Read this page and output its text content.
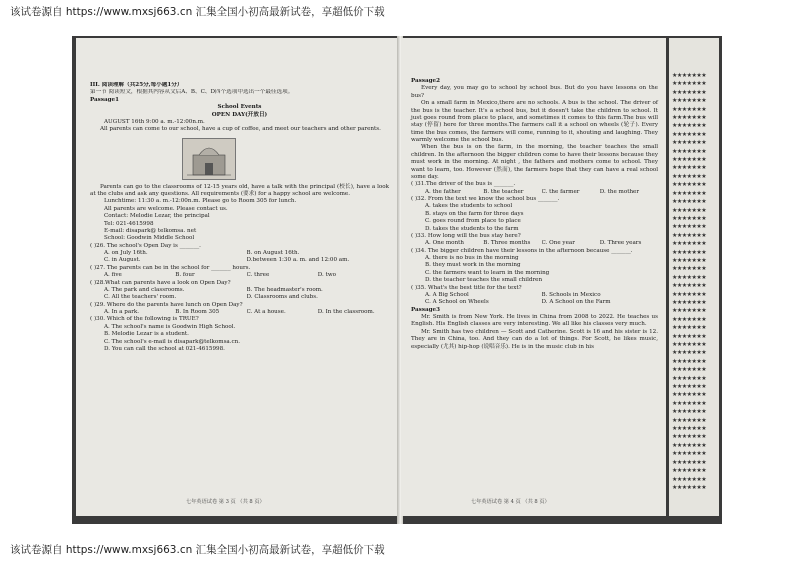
该试卷源自 https://www.mxsj663.cn 汇集全国小初高最新试卷，享超低价下载
III. 阅读理解（共25分,每小题1分）
第一节 阅读短文，根据其内容从文后A、B、C、D四个选项中选出一个最佳选项。
Passage1
School Events
OPEN DAY(开放日)
AUGUST 16th 9:00 a. m.-12:00n.m.

All parents can come to our school, have a cup of coffee, and meet our teachers and other parents.

Parents can go to the classrooms of 12-15 years old, have a talk with the principal (校长), have a look at the clubs and ask any questions. All requirements (要求) for a happy school are welcome.

Lunchtime: 11:30 a. m.-12:00n.m. Please go to Room 305 for lunch.
All parents are welcome. Please contact us.
Contact: Melodie Lezar, the principal
Tel: 021-4615998
E-mail: disapark@ telkomsa. net
School: Goodwin Middle School
( )26. The school's Open Day is _______.
A. on July 16th.	B. on August 16th.
C. in August.	D.between 1:30 a. m. and 12:00 am.
( )27. The parents can be in the school for _______ hours.
A. five	B. four	C. three	D. two
( )28.What can parents have a look on Open Day?
A. The park and classrooms.	B. The headmaster's room.
C. All the teachers' room.	D. Classrooms and clubs.
( )29. Where do the parents have lunch on Open Day?
A. In a park.	B. In Room 305	C. At a house.	D. In the classroom.
( )30. Which of the following is TRUE?
A. The school's name is Goodwin High School.
B. Melodie Lezar is a student.
C. The school's e-mail is disapark@telkomsa.cn.
D. You can call the school at 021-4615998.
七年英语试卷 第 3 页 （共 8 页）
Passage2

Every day, you may go to school by school bus. But do you have lessons on the bus?

On a small farm in Mexico,there are no schools. A bus is the school. The driver of the bus is the teacher. It's a school bus, but it doesn't take the children to school. It just goes round from place to place, and sometimes it comes to this farm.The bus will stay (停留) here for three months.The farmers call it a school on wheels (轮子). Every time the bus comes, the farmers will come, running to it, shouting and laughing. They warmly welcome the school bus.

When the bus is on the farm, in the morning, the teacher teaches the small children. In the afternoon the bigger children come to have their lessons because they must work in the morning. At night , the fathers and mothers come to school. They want to learn, too. However (然而), the farmers hope that they can have a real school some day.

( )31.The driver of the bus is _______.
A. the father	B. the teacher	C. the farmer	D. the mother
( )32. From the text we know the school bus _______.
A. takes the students to school
B. stays on the farm for three days
C. goes round from place to place
D. takes the students to the farm
( )33. How long will the bus stay here?
A. One month	B. Three months	C. One year	D. Three years
( )34. The bigger children have their lessons in the afternoon because _______.
A. there is no bus in the morning
B. they must work in the morning
C. the farmers want to learn in the morning
D. the teacher teaches the small children
( )35. What's the best title for the text?
A. A Big School	B. Schools in Mexico
C. A School on Wheels	D. A School on the Farm
Passage3

Mr. Smith is from New York. He lives in China from 2008 to 2022. He teaches us English. His English classes are very interesting. We all like his classes very much.

Mr. Smith has two children — Scott and Catherine. Scott is 16 and his sister is 12. They are in China, too. And they can do a lot of things. For Scott, he likes music, especially (尤其) hip-hop (说唱音乐). He is in the music club in his

七年英语试卷 第 4 页 （共 8 页）
★★★★★★★
★★★★★★★
★★★★★★★
★★★★★★★
★★★★★★★
★★★★★★★
★★★★★★★
★★★★★★★
★★★★★★★
★★★★★★★
★★★★★★★
★★★★★★★
★★★★★★★
★★★★★★★
★★★★★★★
★★★★★★★
★★★★★★★
★★★★★★★
★★★★★★★
★★★★★★★
★★★★★★★
★★★★★★★
★★★★★★★
★★★★★★★
★★★★★★★
★★★★★★★
★★★★★★★
★★★★★★★
★★★★★★★
★★★★★★★
★★★★★★★
★★★★★★★
★★★★★★★
★★★★★★★
★★★★★★★
★★★★★★★
★★★★★★★
★★★★★★★
★★★★★★★
★★★★★★★
★★★★★★★
★★★★★★★
★★★★★★★
★★★★★★★
★★★★★★★
★★★★★★★
★★★★★★★
★★★★★★★
★★★★★★★
★★★★★★★
该试卷源自 https://www.mxsj663.cn 汇集全国小初高最新试卷，享超低价下载
